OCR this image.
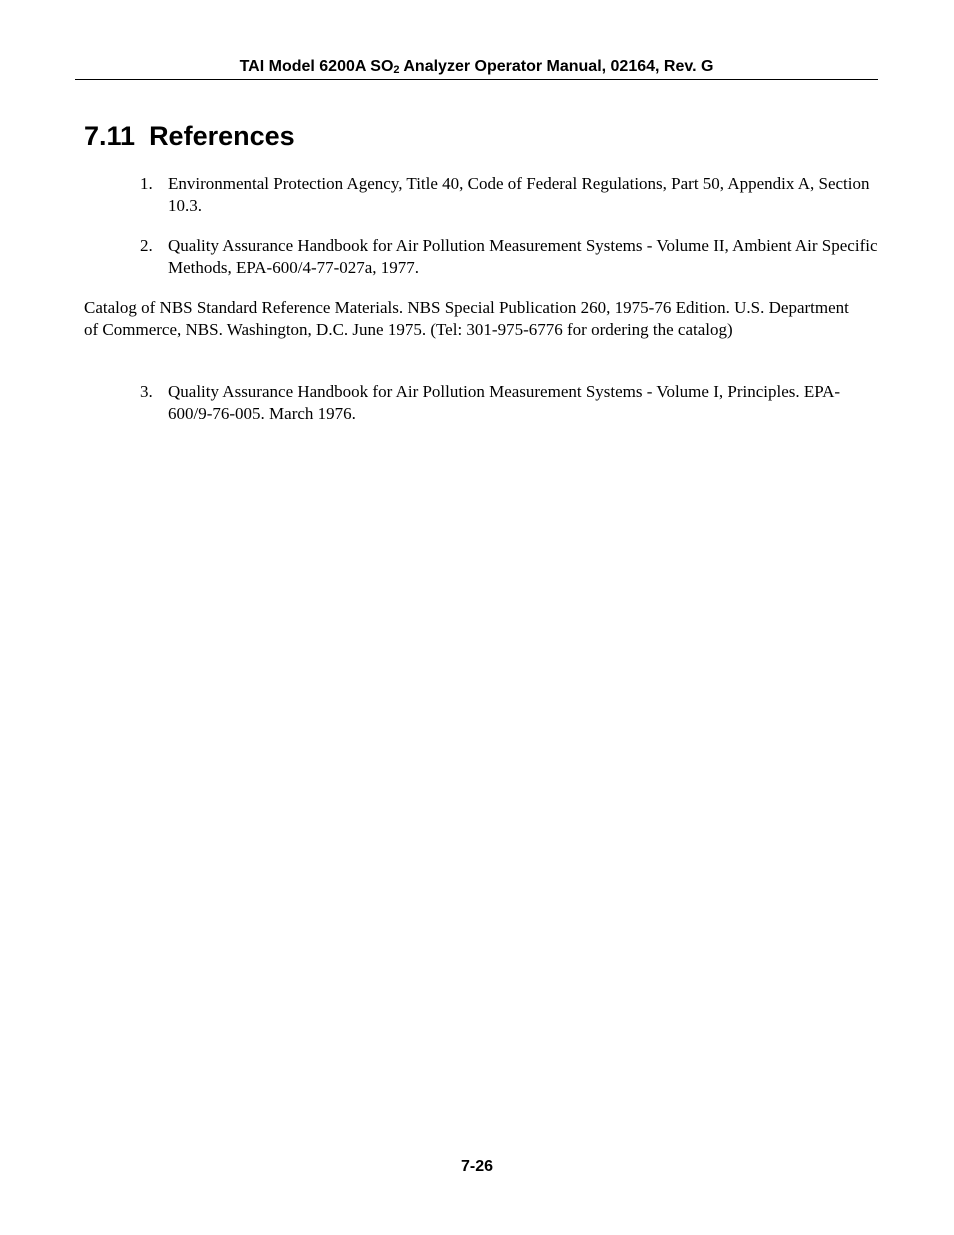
TAI Model 6200A $SO_2$ Analyzer Operator Manual, 02164, Rev. G
7.11 References
1. Environmental Protection Agency, Title 40, Code of Federal Regulations, Part 50, Appendix A, Section 10.3.
2. Quality Assurance Handbook for Air Pollution Measurement Systems - Volume II, Ambient Air Specific Methods, EPA-600/4-77-027a, 1977.

Catalog of NBS Standard Reference Materials. NBS Special Publication 260, 1975-76 Edition. U.S. Department of Commerce, NBS. Washington, D.C. June 1975. (Tel: 301-975-6776 for ordering the catalog)

3. Quality Assurance Handbook for Air Pollution Measurement Systems - Volume I, Principles. EPA-600/9-76-005. March 1976.
7-26
